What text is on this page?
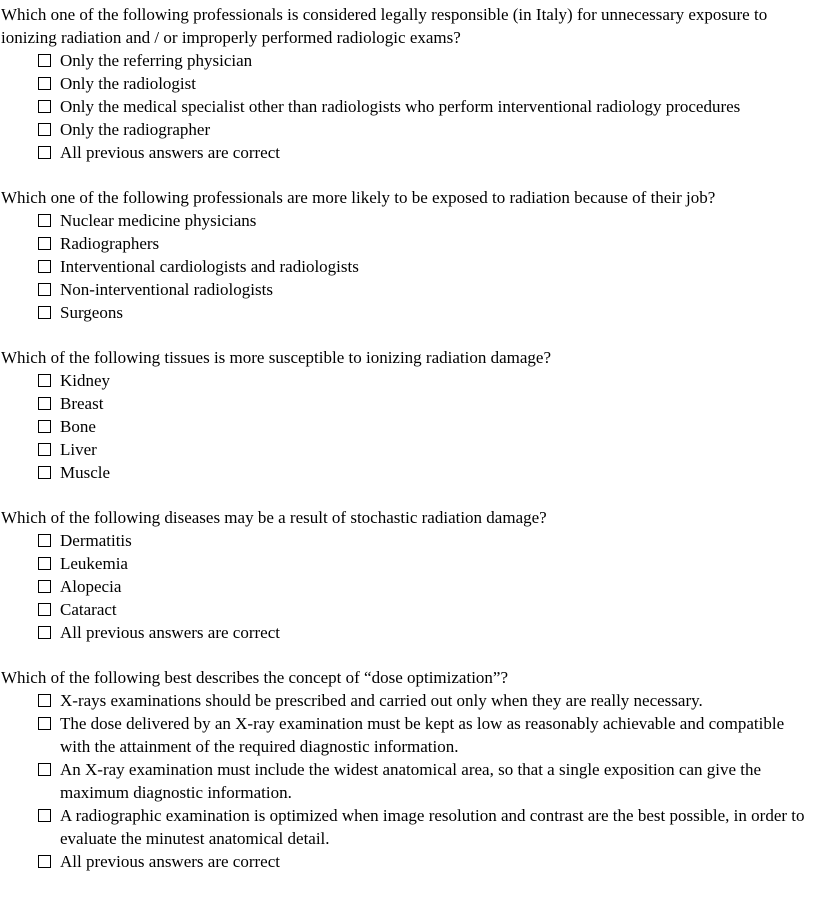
Which one of the following professionals is considered legally responsible (in Italy) for unnecessary exposure to ionizing radiation and / or improperly performed radiologic exams?
Only the referring physician
Only the radiologist
Only the medical specialist other than radiologists who perform interventional radiology procedures
Only the radiographer
All previous answers are correct
Which one of the following professionals are more likely to be exposed to radiation because of their job?
Nuclear medicine physicians
Radiographers
Interventional cardiologists and radiologists
Non-interventional radiologists
Surgeons
Which of the following tissues is more susceptible to ionizing radiation damage?
Kidney
Breast
Bone
Liver
Muscle
Which of the following diseases may be a result of stochastic radiation damage?
Dermatitis
Leukemia
Alopecia
Cataract
All previous answers are correct
Which of the following best describes the concept of “dose optimization”?
X-rays examinations should be prescribed and carried out only when they are really necessary.
The dose delivered by an X-ray examination must be kept as low as reasonably achievable and compatible with the attainment of the required diagnostic information.
An X-ray examination must include the widest anatomical area, so that a single exposition can give the maximum diagnostic information.
A radiographic examination is optimized when image resolution and contrast are the best possible, in order to evaluate the minutest anatomical detail.
All previous answers are correct
